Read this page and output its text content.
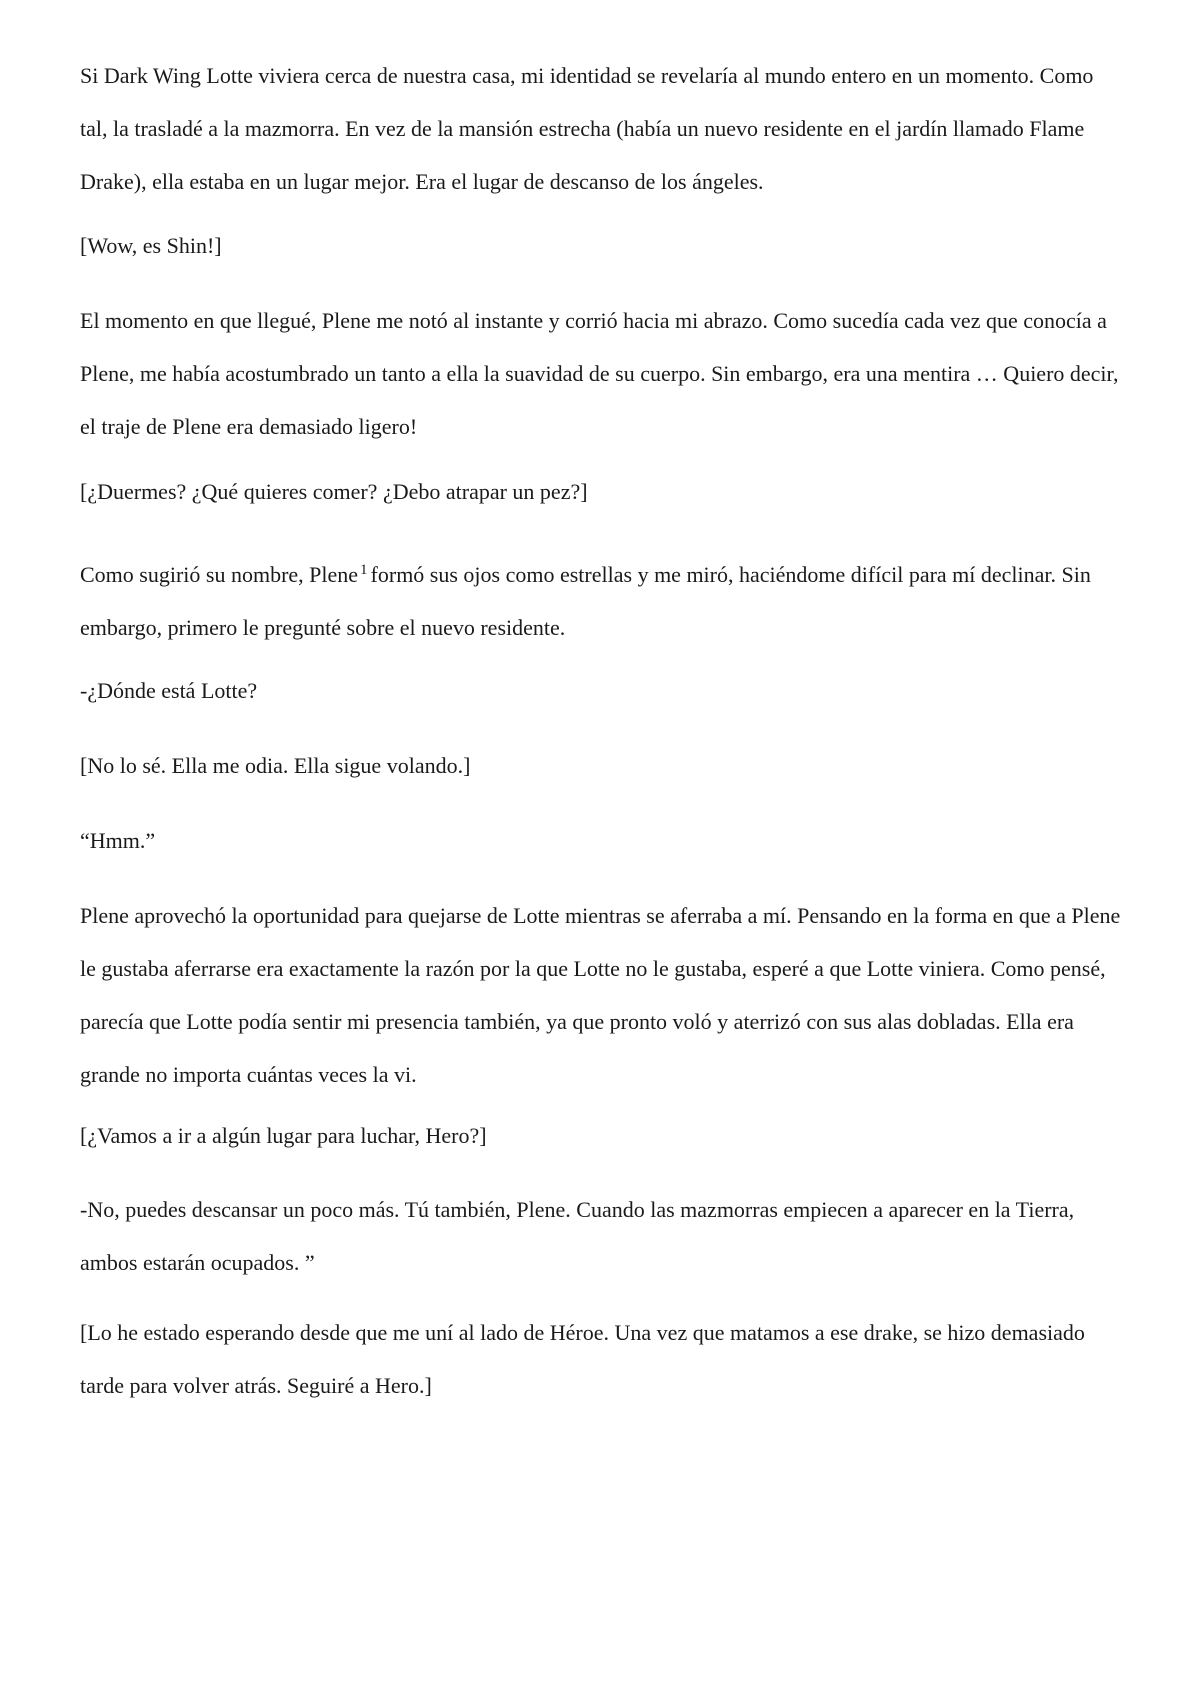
Si Dark Wing Lotte viviera cerca de nuestra casa, mi identidad se revelaría al mundo entero en un momento. Como tal, la trasladé a la mazmorra. En vez de la mansión estrecha (había un nuevo residente en el jardín llamado Flame Drake), ella estaba en un lugar mejor. Era el lugar de descanso de los ángeles.

[Wow, es Shin!]

El momento en que llegué, Plene me notó al instante y corrió hacia mi abrazo. Como sucedía cada vez que conocía a Plene, me había acostumbrado un tanto a ella la suavidad de su cuerpo. Sin embargo, era una mentira … Quiero decir, el traje de Plene era demasiado ligero!

[¿Duermes? ¿Qué quieres comer? ¿Debo atrapar un pez?]

Como sugirió su nombre, Plene $^1$ formó sus ojos como estrellas y me miró, haciéndome difícil para mí declinar. Sin embargo, primero le pregunté sobre el nuevo residente.

-¿Dónde está Lotte?

[No lo sé. Ella me odia. Ella sigue volando.]

“Hmm.”

Plene aprovechó la oportunidad para quejarse de Lotte mientras se aferraba a mí. Pensando en la forma en que a Plene le gustaba aferrarse era exactamente la razón por la que Lotte no le gustaba, esperé a que Lotte viniera. Como pensé, parecía que Lotte podía sentir mi presencia también, ya que pronto voló y aterrizó con sus alas dobladas. Ella era grande no importa cuántas veces la vi.

[¿Vamos a ir a algún lugar para luchar, Hero?]

-No, puedes descansar un poco más. Tú también, Plene. Cuando las mazmorras empiecen a aparecer en la Tierra, ambos estarán ocupados. ”

[Lo he estado esperando desde que me uní al lado de Héroe. Una vez que matamos a ese drake, se hizo demasiado tarde para volver atrás. Seguiré a Hero.]
